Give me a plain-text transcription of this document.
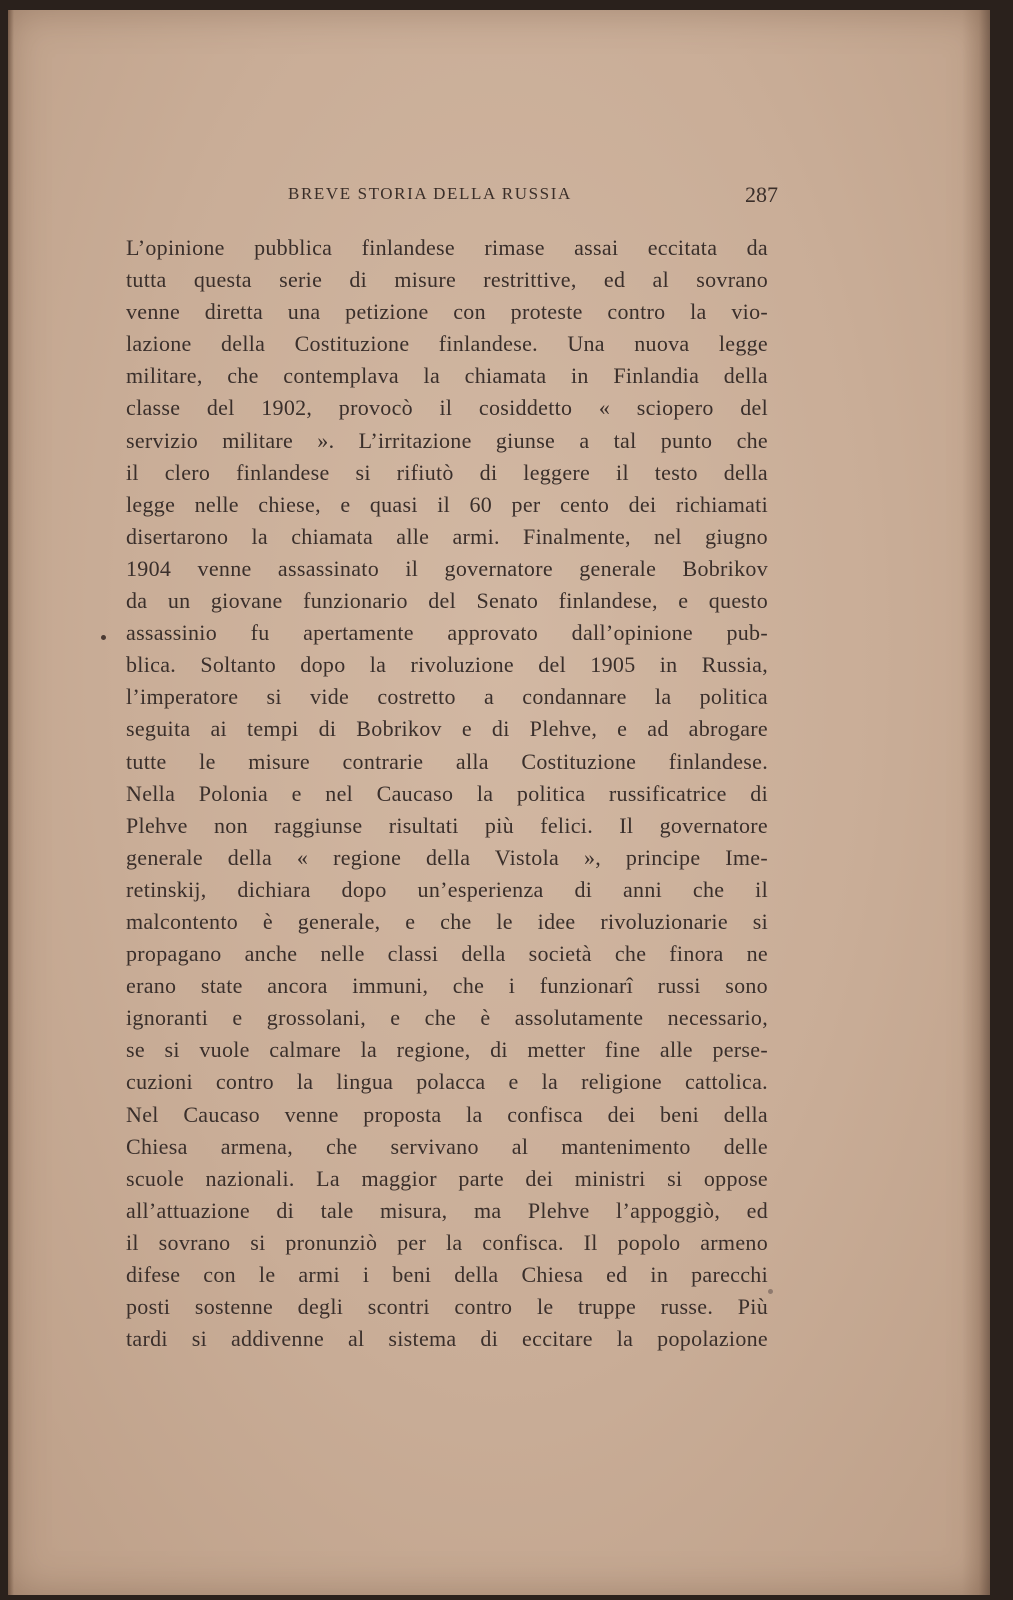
BREVE STORIA DELLA RUSSIA	287
L’opinione pubblica finlandese rimase assai eccitata da
tutta questa serie di misure restrittive, ed al sovrano
venne diretta una petizione con proteste contro la vio-
lazione della Costituzione finlandese. Una nuova legge
militare, che contemplava la chiamata in Finlandia della
classe del 1902, provocò il cosiddetto « sciopero del
servizio militare ». L’irritazione giunse a tal punto che
il clero finlandese si rifiutò di leggere il testo della
legge nelle chiese, e quasi il 60 per cento dei richiamati
disertarono la chiamata alle armi. Finalmente, nel giugno
1904 venne assassinato il governatore generale Bobrikov
da un giovane funzionario del Senato finlandese, e questo
assassinio fu apertamente approvato dall’opinione pub-
blica. Soltanto dopo la rivoluzione del 1905 in Russia,
l’imperatore si vide costretto a condannare la politica
seguita ai tempi di Bobrikov e di Plehve, e ad abrogare
tutte le misure contrarie alla Costituzione finlandese.
Nella Polonia e nel Caucaso la politica russificatrice di
Plehve non raggiunse risultati più felici. Il governatore
generale della « regione della Vistola », principe Ime-
retinskij, dichiara dopo un’esperienza di anni che il
malcontento è generale, e che le idee rivoluzionarie si
propagano anche nelle classi della società che finora ne
erano state ancora immuni, che i funzionarî russi sono
ignoranti e grossolani, e che è assolutamente necessario,
se si vuole calmare la regione, di metter fine alle perse-
cuzioni contro la lingua polacca e la religione cattolica.
Nel Caucaso venne proposta la confisca dei beni della
Chiesa armena, che servivano al mantenimento delle
scuole nazionali. La maggior parte dei ministri si oppose
all’attuazione di tale misura, ma Plehve l’appoggiò, ed
il sovrano si pronunziò per la confisca. Il popolo armeno
difese con le armi i beni della Chiesa ed in parecchi
posti sostenne degli scontri contro le truppe russe. Più
tardi si addivenne al sistema di eccitare la popolazione
